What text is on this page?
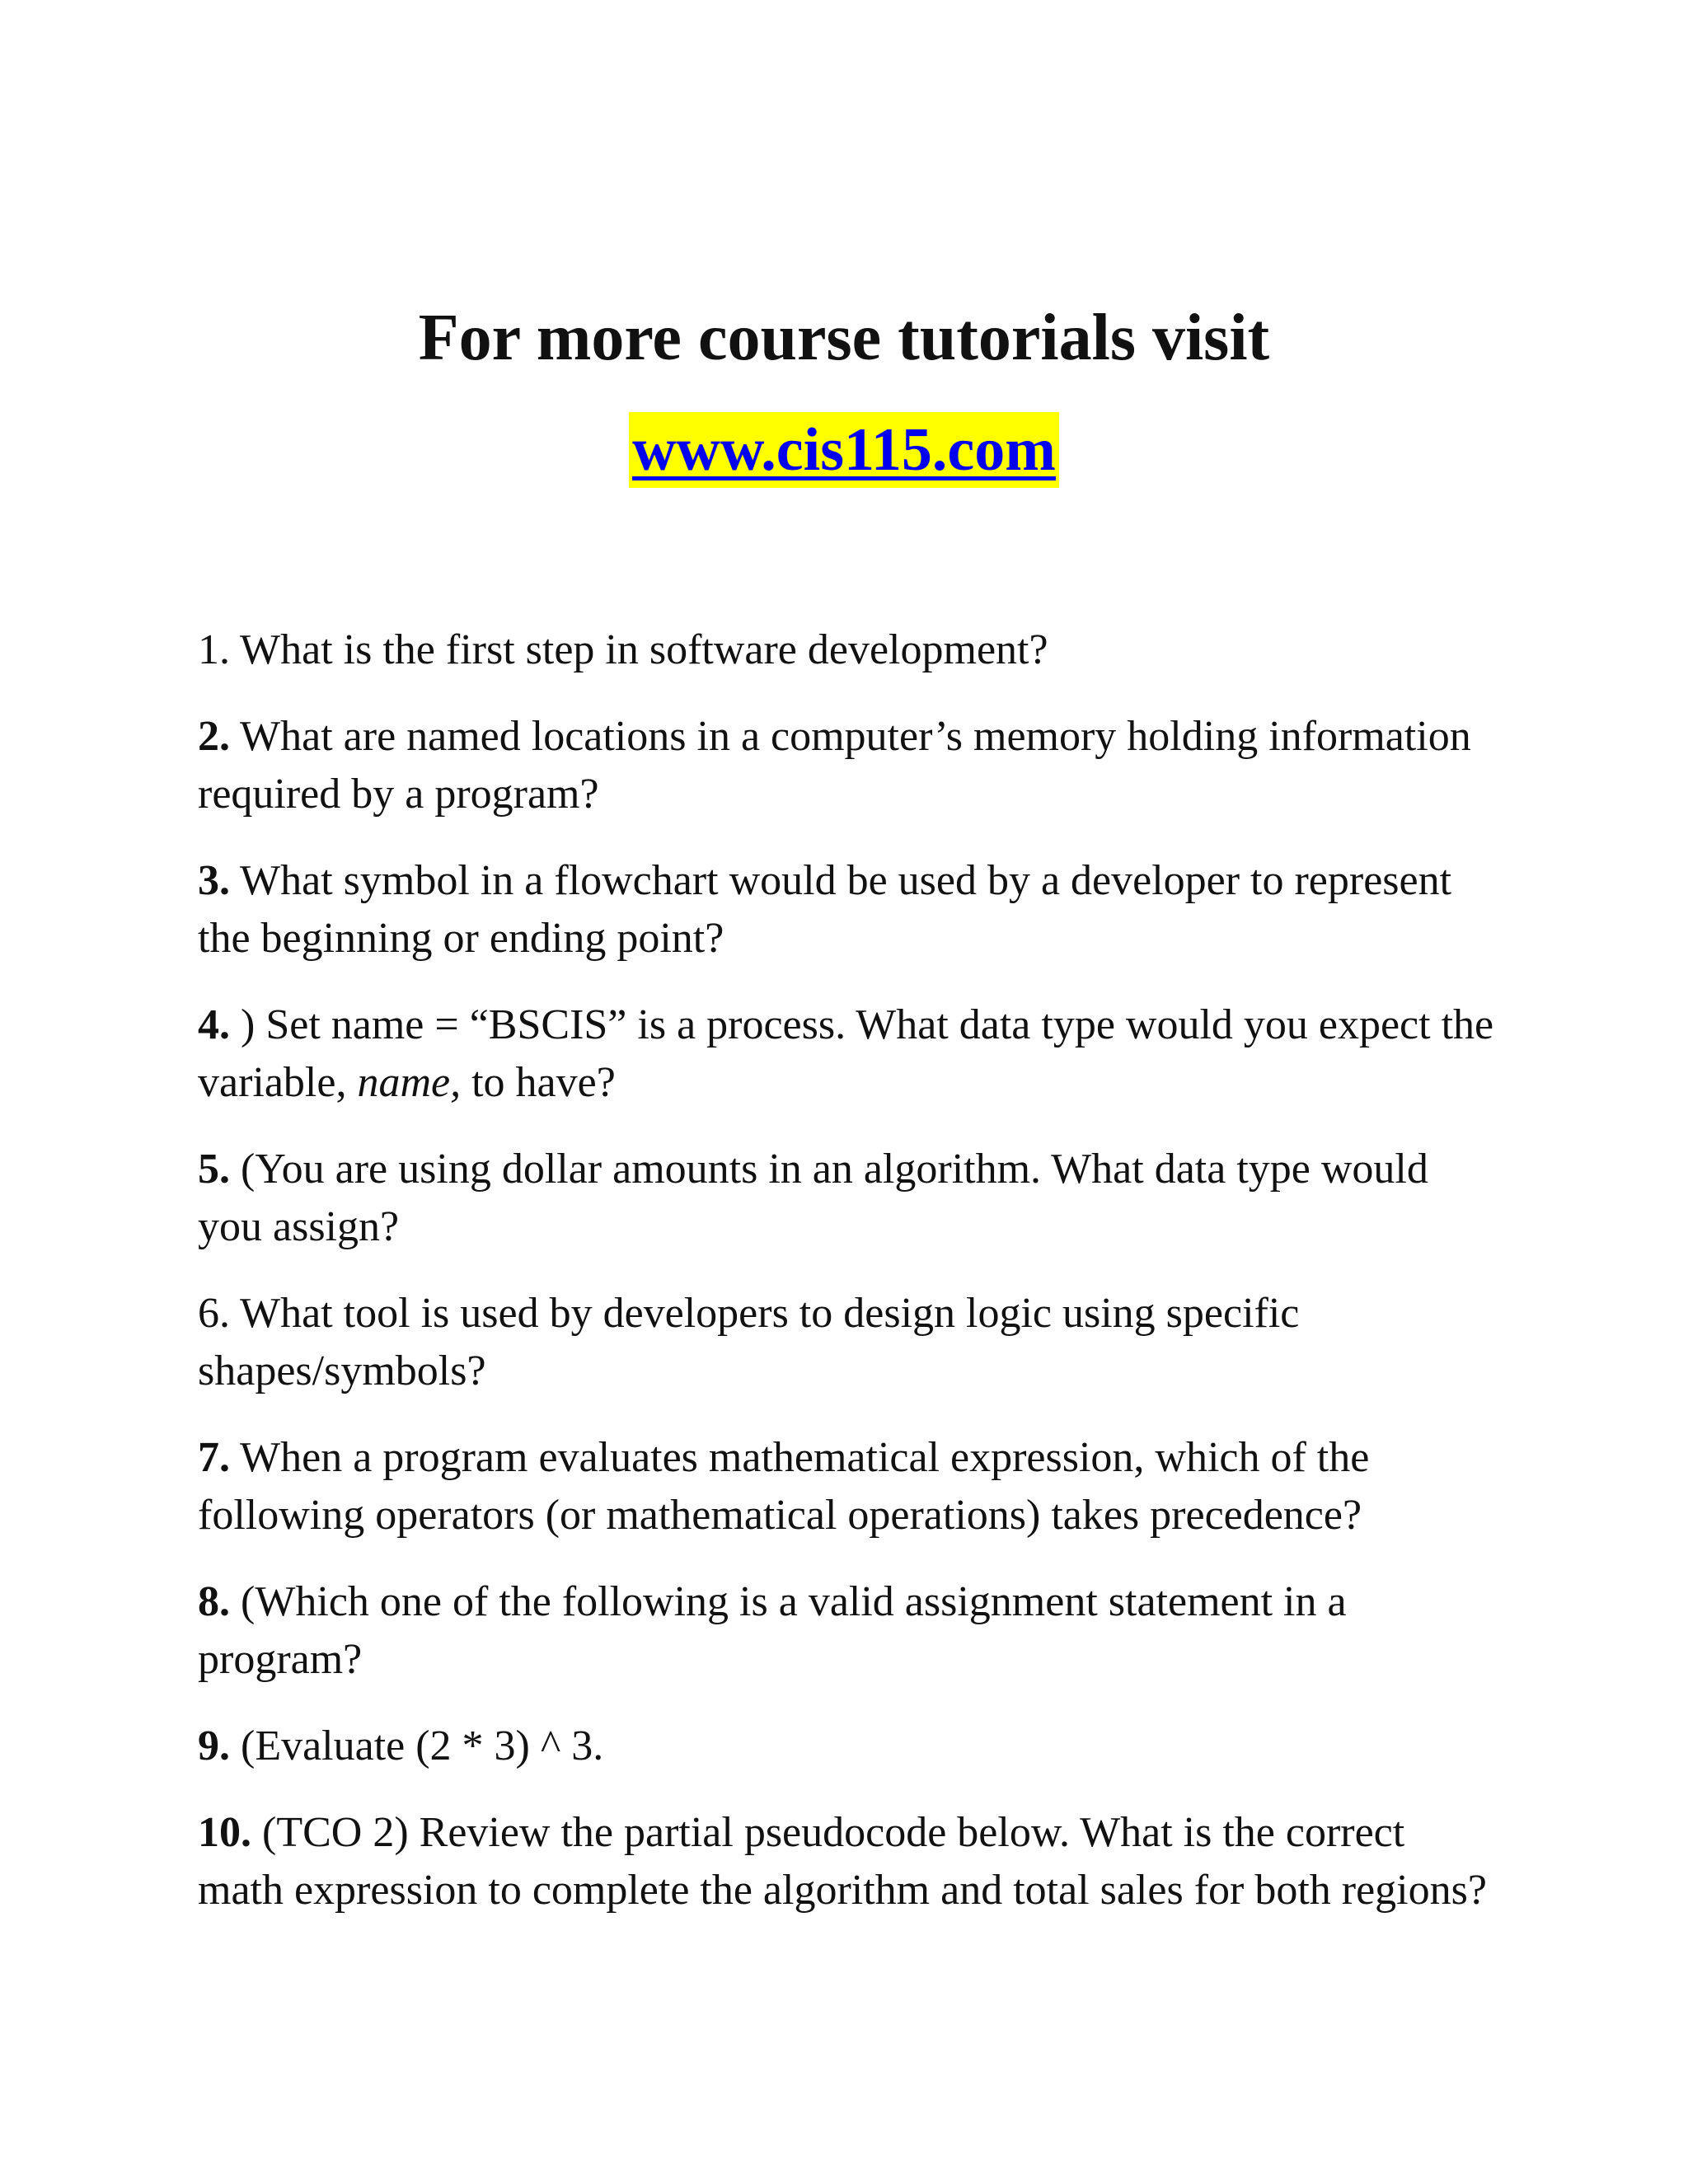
For more course tutorials visit
www.cis115.com
1. What is the first step in software development?
2. What are named locations in a computer’s memory holding information required by a program?
3. What symbol in a flowchart would be used by a developer to represent the beginning or ending point?
4. ) Set name = “BSCIS” is a process. What data type would you expect the variable, name, to have?
5. (You are using dollar amounts in an algorithm. What data type would you assign?
6. What tool is used by developers to design logic using specific shapes/symbols?
7. When a program evaluates mathematical expression, which of the following operators (or mathematical operations) takes precedence?
8. (Which one of the following is a valid assignment statement in a program?
9. (Evaluate (2 * 3) ^ 3.
10. (TCO 2) Review the partial pseudocode below. What is the correct math expression to complete the algorithm and total sales for both regions?
